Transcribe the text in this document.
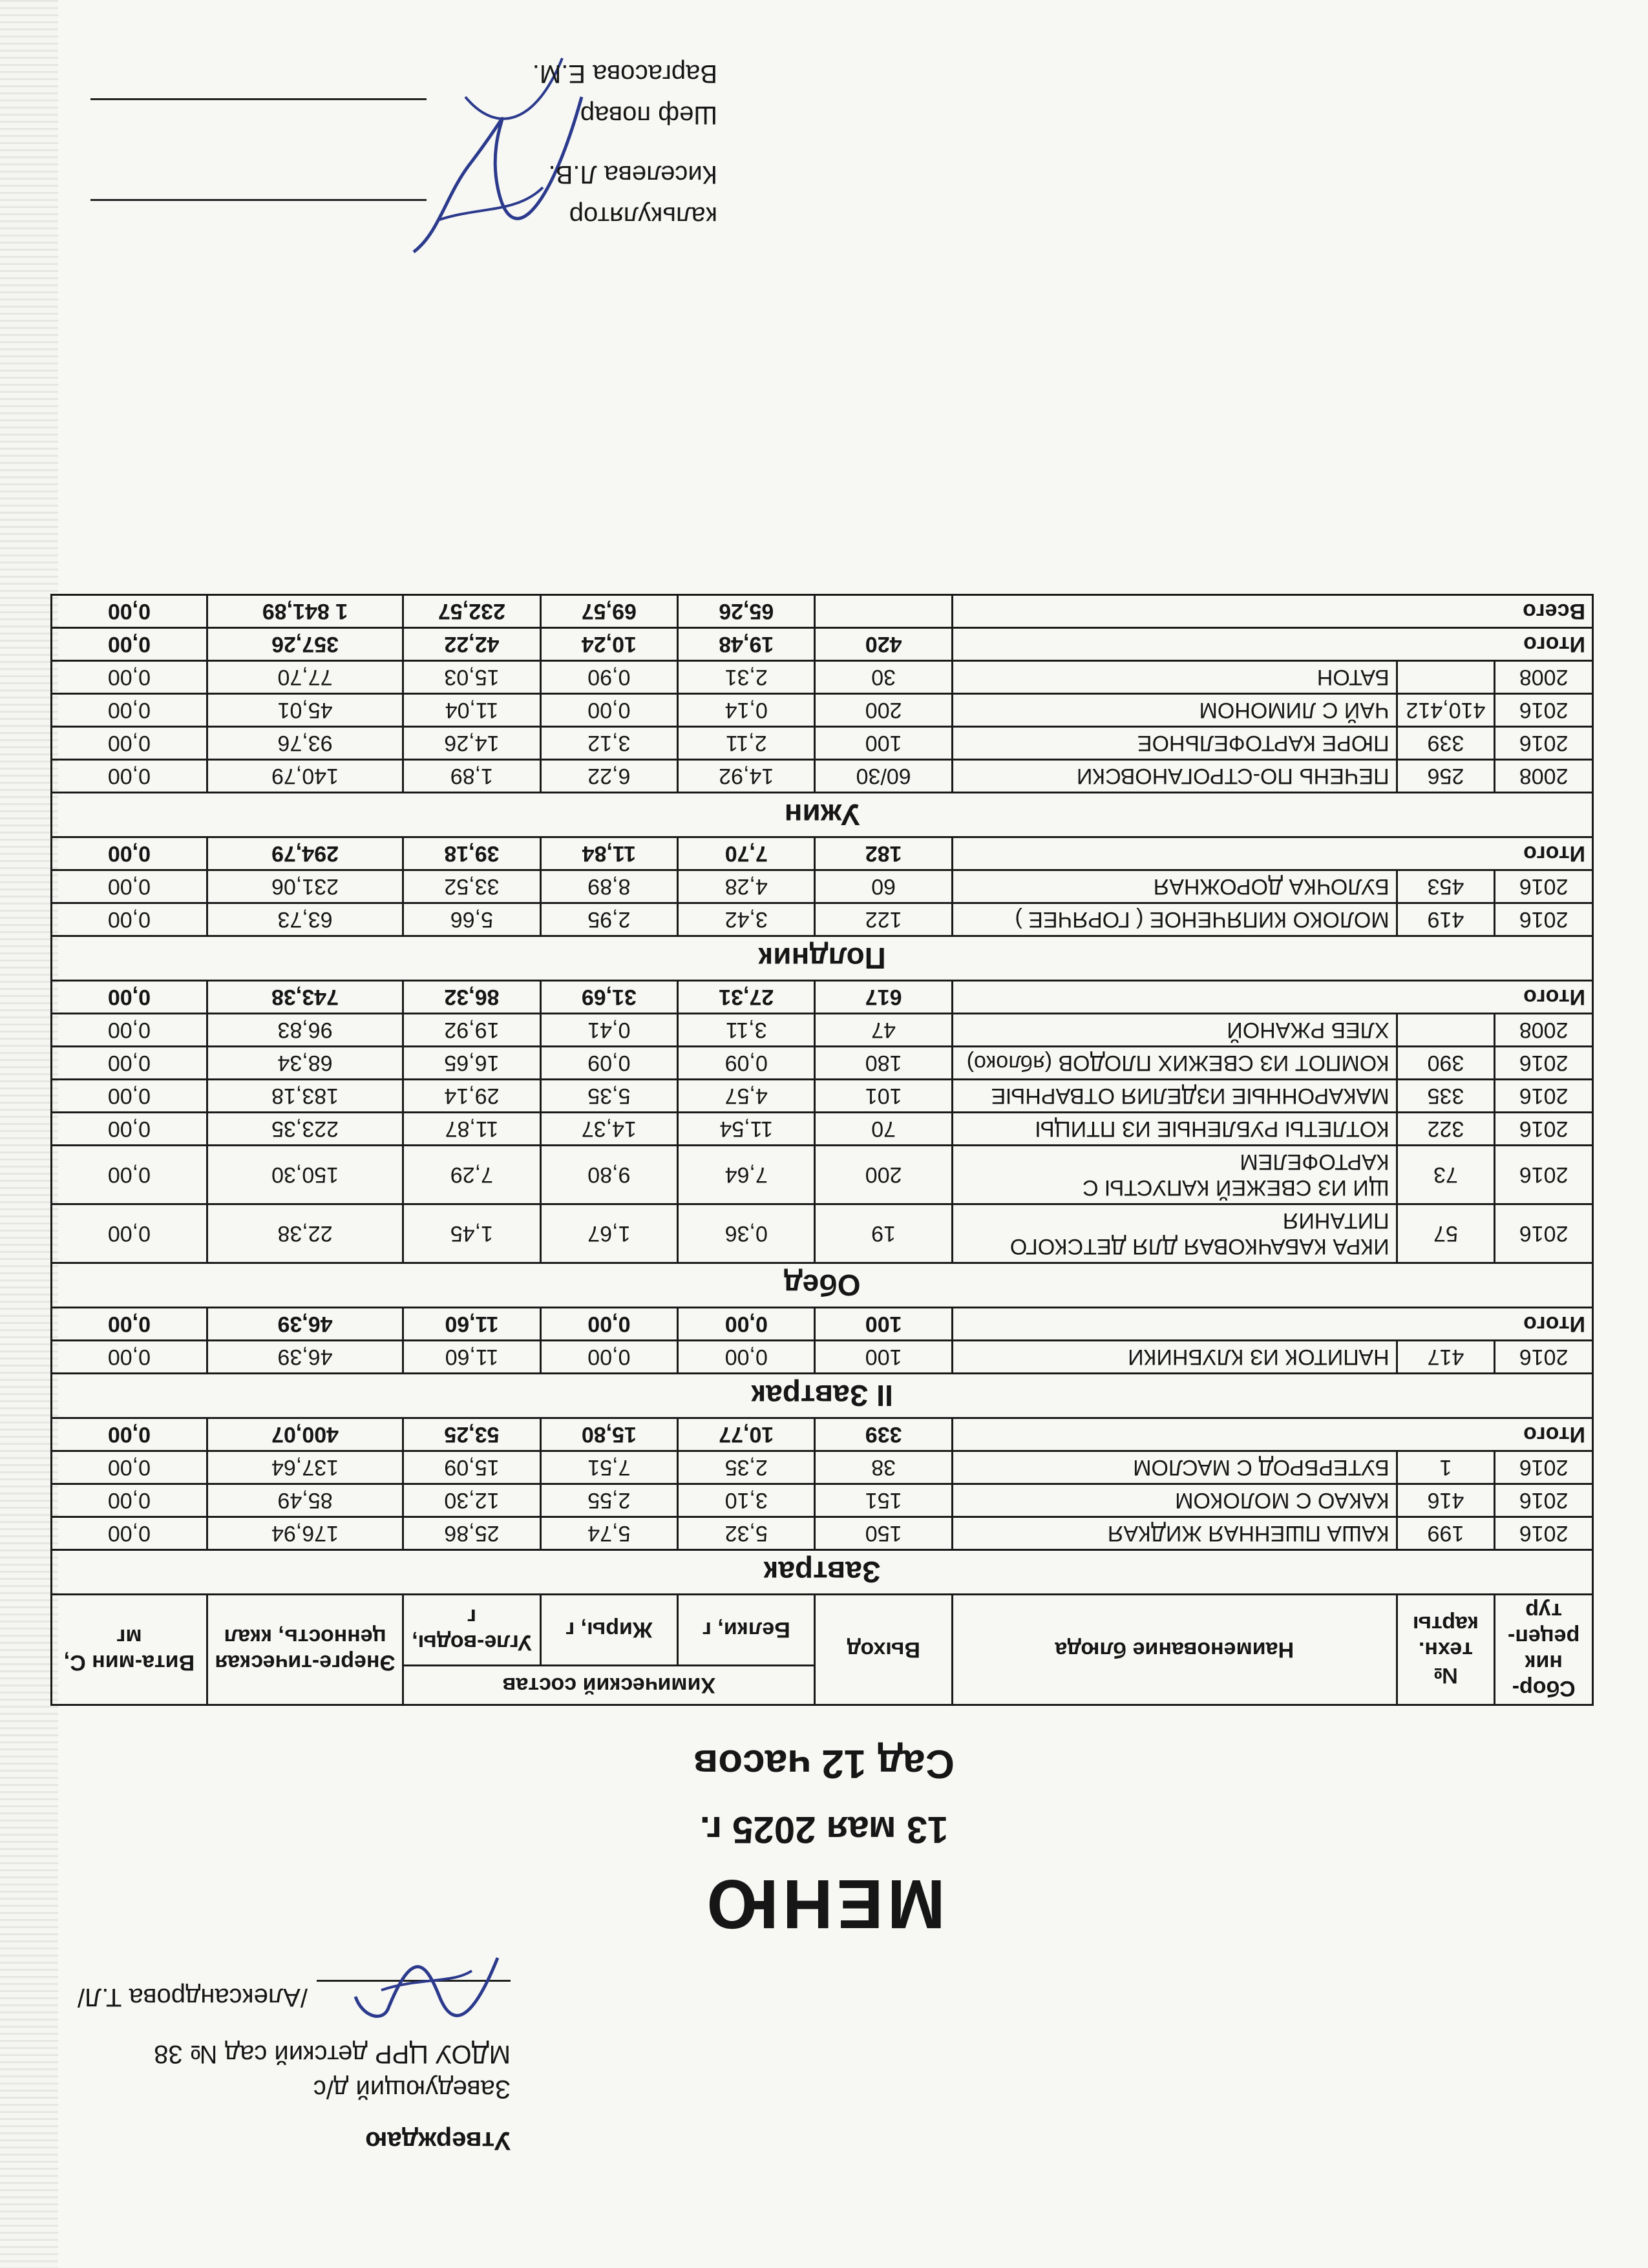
Утверждаю
Заведующий д/с
МДОУ ЦРР детский сад № 38
/Александрова Т.Л/
МЕНЮ
13 мая 2025 г.
Сад 12 часов
Сбор-ник рецеп-тур	№ техн. карты	Наименование блюда	Выход	Химический состав			Энерге-тическая ценность, ккал	Вита-мин С, мг
				Белки, г	Жиры, г	Угле-воды, г		
Завтрак								
2016	199	КАША ПШЕННАЯ ЖИДКАЯ	150	5,32	5,74	25,86	176,94	0,00
2016	416	КАКАО С МОЛОКОМ	151	3,10	2,55	12,30	85,49	0,00
2016	1	БУТЕРБРОД С МАСЛОМ	38	2,35	7,51	15,09	137,64	0,00
Итого			339	10,77	15,80	53,25	400,07	0,00
II Завтрак								
2016	417	НАПИТОК ИЗ КЛУБНИКИ	100	0,00	0,00	11,60	46,39	0,00
Итого			100	0,00	0,00	11,60	46,39	0,00
Обед								
2016	57	ИКРА КАБАЧКОВАЯ ДЛЯ ДЕТСКОГО ПИТАНИЯ	19	0,36	1,67	1,45	22,38	0,00
2016	73	ЩИ ИЗ СВЕЖЕЙ КАПУСТЫ С КАРТОФЕЛЕМ	200	7,64	9,80	7,29	150,30	0,00
2016	322	КОТЛЕТЫ РУБЛЕНЫЕ ИЗ ПТИЦЫ	70	11,54	14,37	11,87	223,35	0,00
2016	335	МАКАРОННЫЕ ИЗДЕЛИЯ ОТВАРНЫЕ	101	4,57	5,35	29,14	183,18	0,00
2016	390	КОМПОТ ИЗ СВЕЖИХ ПЛОДОВ (яблоко)	180	0,09	0,09	16,65	68,34	0,00
2008		ХЛЕБ РЖАНОЙ	47	3,11	0,41	19,92	96,83	0,00
Итого			617	27,31	31,69	86,32	743,38	0,00
Полдник								
2016	419	МОЛОКО КИПЯЧЕНОЕ ( ГОРЯЧЕЕ )	122	3,42	2,95	5,66	63,73	0,00
2016	453	БУЛОЧКА ДОРОЖНАЯ	60	4,28	8,89	33,52	231,06	0,00
Итого			182	7,70	11,84	39,18	294,79	0,00
Ужин								
2008	256	ПЕЧЕНЬ ПО-СТРОГАНОВСКИ	60/30	14,92	6,22	1,89	140,79	0,00
2016	339	ПЮРЕ КАРТОФЕЛЬНОЕ	100	2,11	3,12	14,26	93,76	0,00
2016	410,412	ЧАЙ С ЛИМОНОМ	200	0,14	0,00	11,04	45,01	0,00
2008		БАТОН	30	2,31	0,90	15,03	77,70	0,00
Итого			420	19,48	10,24	42,22	357,26	0,00
Всего				65,26	69,57	232,57	1 841,89	0,00
калькулятор
Киселева Л.В.
Шеф повар
Варгасова Е.М.
